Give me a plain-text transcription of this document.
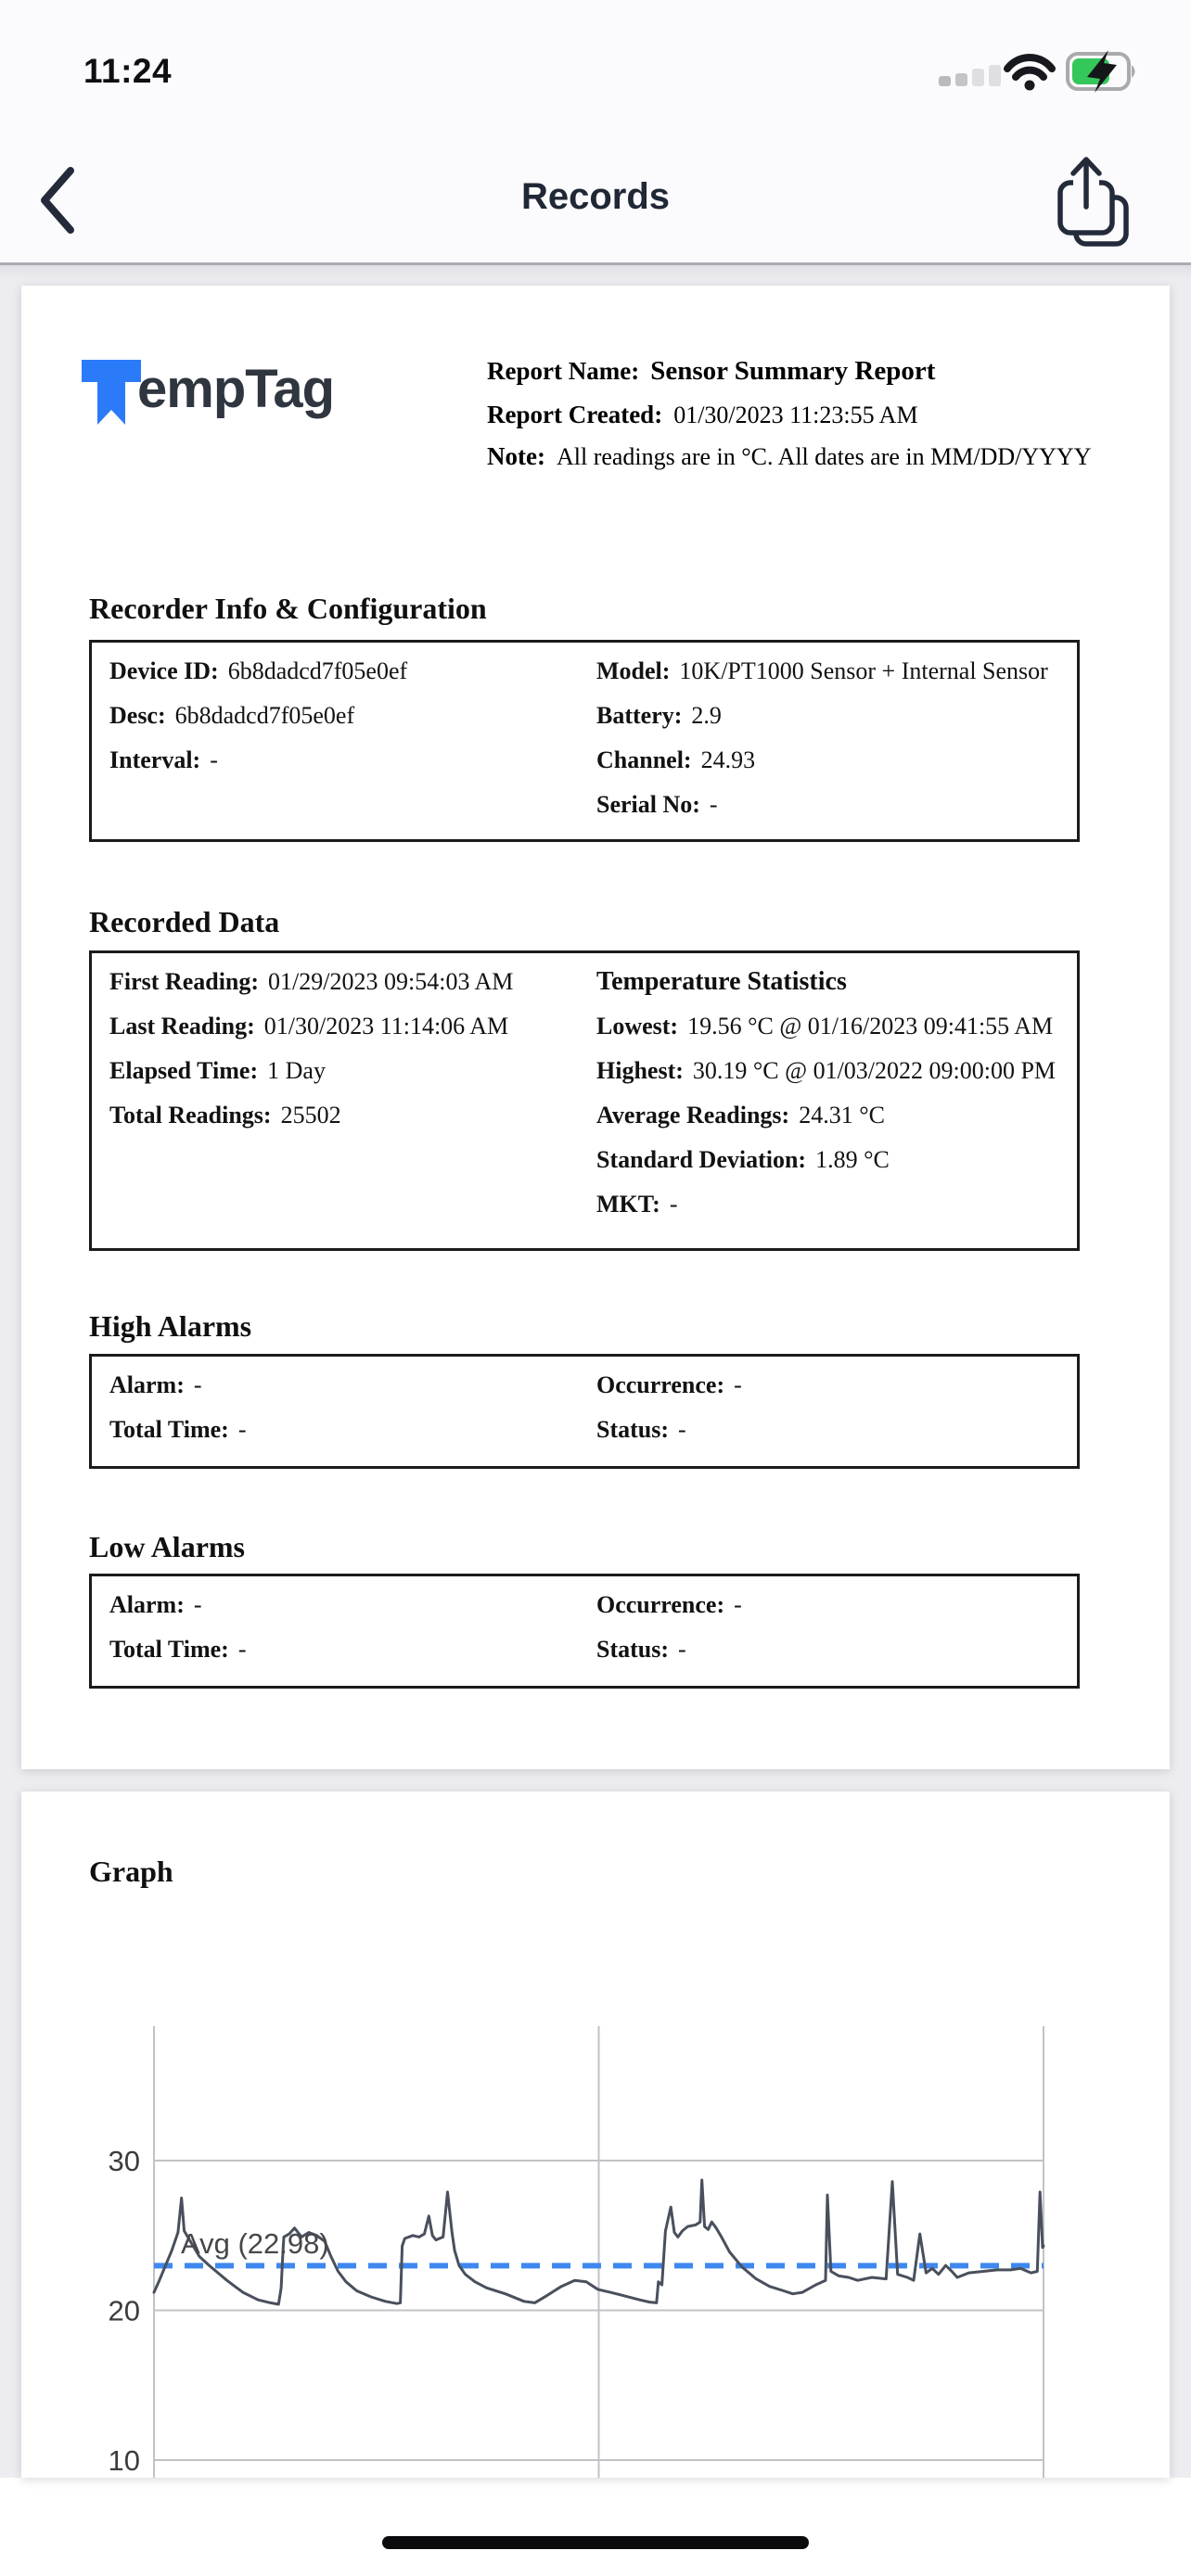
11:24
Records
empTag	Report Name: Sensor Summary Report
Report Created: 01/30/2023 11:23:55 AM
Note: All readings are in °C. All dates are in MM/DD/YYYY
Recorder Info & Configuration
Device ID: 6b8dadcd7f05e0ef
Desc: 6b8dadcd7f05e0ef
Interval: -
Model: 10K/PT1000 Sensor + Internal Sensor
Battery: 2.9
Channel: 24.93
Serial No: -
Recorded Data
First Reading: 01/29/2023 09:54:03 AM
Last Reading: 01/30/2023 11:14:06 AM
Elapsed Time: 1 Day
Total Readings: 25502
Temperature Statistics
Lowest: 19.56 °C @ 01/16/2023 09:41:55 AM
Highest: 30.19 °C @ 01/03/2022 09:00:00 PM
Average Readings: 24.31 °C
Standard Deviation: 1.89 °C
MKT: -
High Alarms
Alarm: -
Total Time: -
Occurrence: -
Status: -
Low Alarms
Alarm: -
Total Time: -
Occurrence: -
Status: -
Graph
10
20
30
Avg (22.98)
